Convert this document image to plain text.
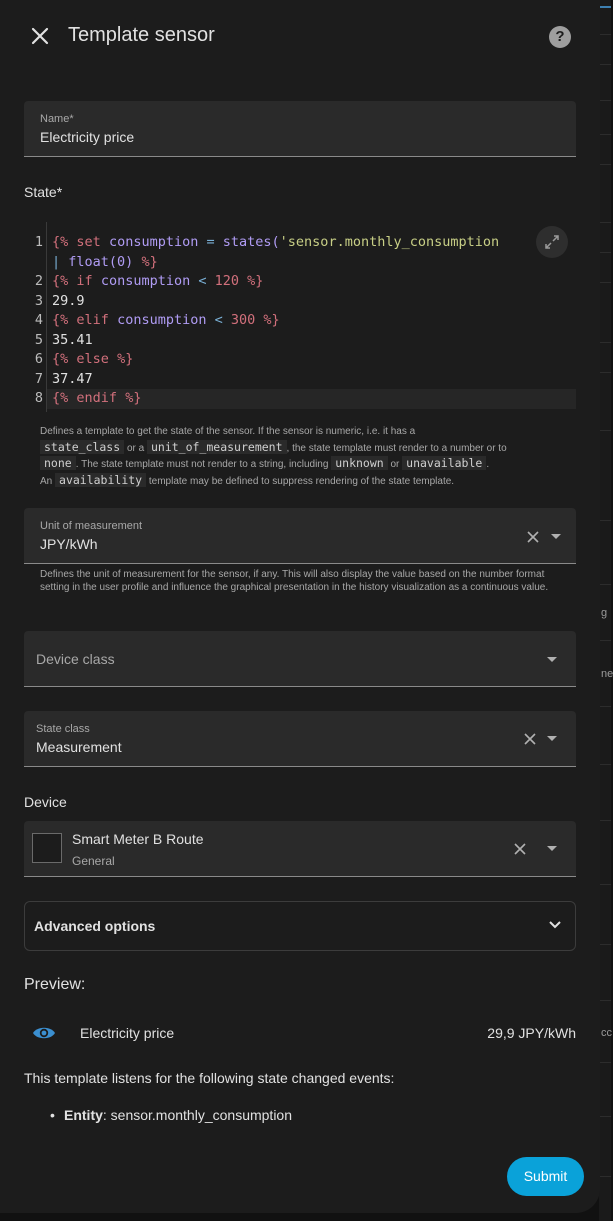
g
ne
cc
Template sensor	?
Name*
Electricity price
State*
1
2
3
4
5
6
7
8
{% set consumption = states('sensor.monthly_consumption
| float(0) %}
{% if consumption < 120 %}
29.9
{% elif consumption < 300 %}
35.41
{% else %}
37.47
{% endif %}
Defines a template to get the state of the sensor. If the sensor is numeric, i.e. it has a
state_class or a unit_of_measurement , the state template must render to a number or to
none . The state template must not render to a string, including unknown or unavailable .
An availability template may be defined to suppress rendering of the state template.
Unit of measurement
JPY/kWh
Defines the unit of measurement for the sensor, if any. This will also display the value based on the number format setting in the user profile and influence the graphical presentation in the history visualization as a continuous value.
Device class
State class
Measurement
Device
Smart Meter B Route
General
Advanced options
Preview:
Electricity price	29,9 JPY/kWh
This template listens for the following state changed events:
• Entity: sensor.monthly_consumption
Submit
